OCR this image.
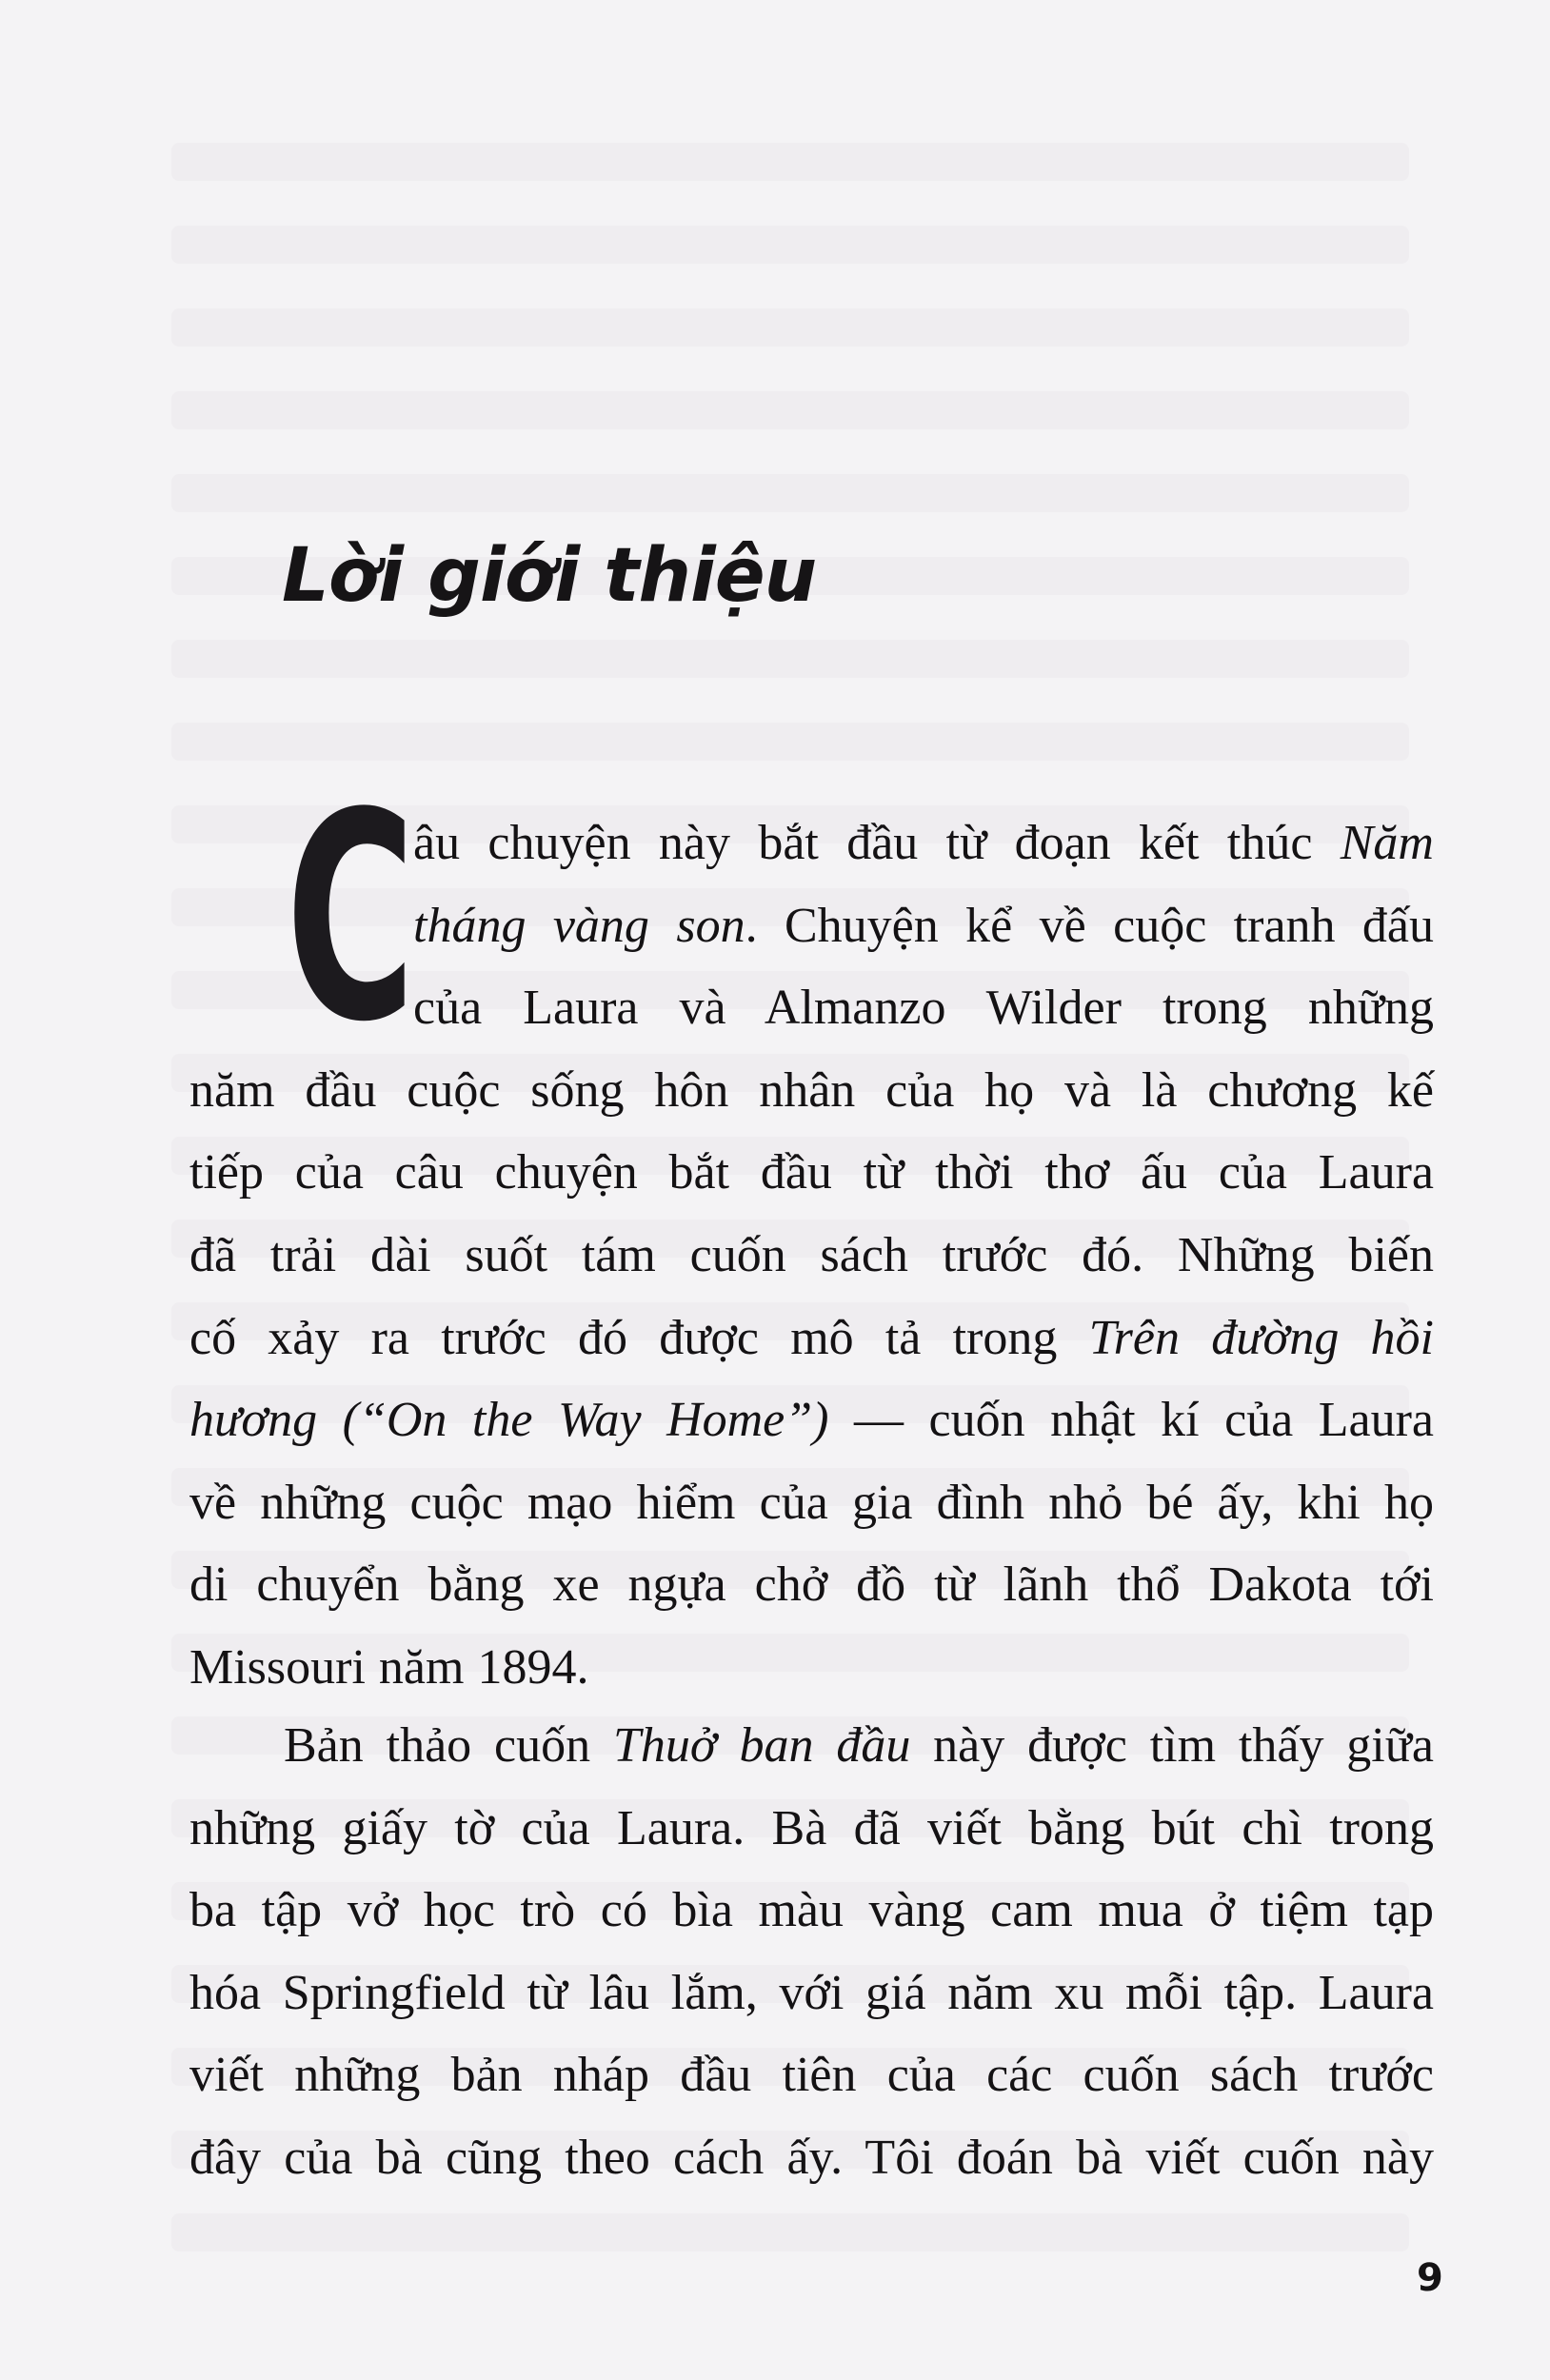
Lời giới thiệu
C
âu chuyện này bắt đầu từ đoạn kết thúc Năm
tháng vàng son. Chuyện kể về cuộc tranh đấu
của Laura và Almanzo Wilder trong những
năm đầu cuộc sống hôn nhân của họ và là chương kế
tiếp của câu chuyện bắt đầu từ thời thơ ấu của Laura
đã trải dài suốt tám cuốn sách trước đó. Những biến
cố xảy ra trước đó được mô tả trong Trên đường hồi
hương (“On the Way Home”) — cuốn nhật kí của Laura
về những cuộc mạo hiểm của gia đình nhỏ bé ấy, khi họ
di chuyển bằng xe ngựa chở đồ từ lãnh thổ Dakota tới
Missouri năm 1894.
Bản thảo cuốn Thuở ban đầu này được tìm thấy giữa
những giấy tờ của Laura. Bà đã viết bằng bút chì trong
ba tập vở học trò có bìa màu vàng cam mua ở tiệm tạp
hóa Springfield từ lâu lắm, với giá năm xu mỗi tập. Laura
viết những bản nháp đầu tiên của các cuốn sách trước
đây của bà cũng theo cách ấy. Tôi đoán bà viết cuốn này
9
